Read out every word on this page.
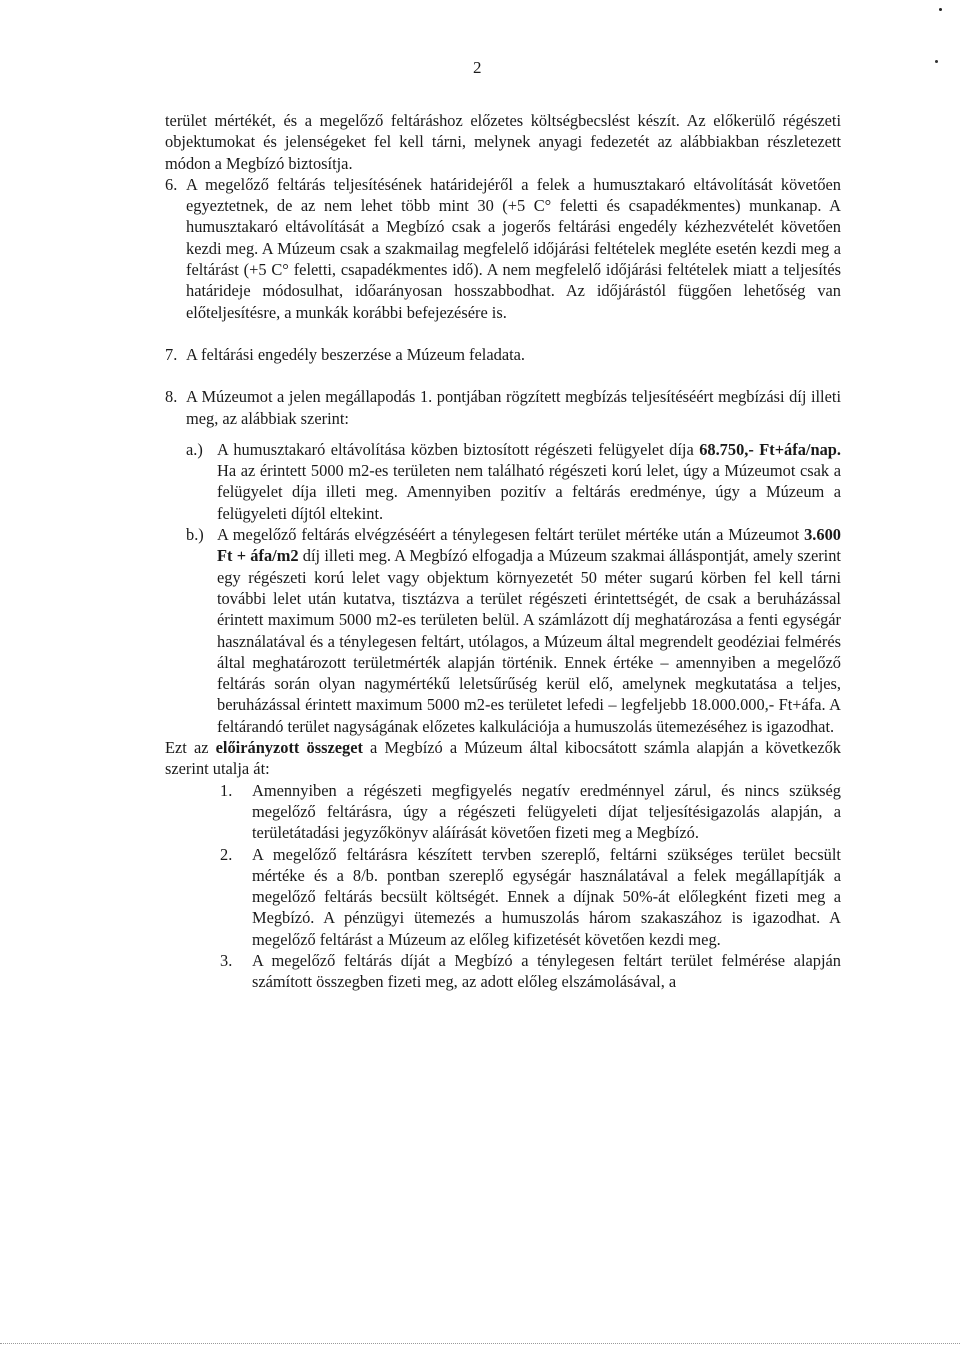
2

terület mértékét, és a megelőző feltáráshoz előzetes költségbecslést készít. Az előkerülő régészeti objektumokat és jelenségeket fel kell tárni, melynek anyagi fedezetét az alábbiakban részletezett módon a Megbízó biztosítja.

6. A megelőző feltárás teljesítésének határidejéről a felek a humusztakaró eltávolítását követően egyeztetnek, de az nem lehet több mint 30 (+5 C° feletti és csapadékmentes) munkanap. A humusztakaró eltávolítását a Megbízó csak a jogerős feltárási engedély kézhezvételét követően kezdi meg. A Múzeum csak a szakmailag megfelelő időjárási feltételek megléte esetén kezdi meg a feltárást (+5 C° feletti, csapadékmentes idő). A nem megfelelő időjárási feltételek miatt a teljesítés határideje módosulhat, időarányosan hosszabbodhat. Az időjárástól függően lehetőség van előteljesítésre, a munkák korábbi befejezésére is.

7. A feltárási engedély beszerzése a Múzeum feladata.

8. A Múzeumot a jelen megállapodás 1. pontjában rögzített megbízás teljesítéséért megbízási díj illeti meg, az alábbiak szerint:

a.) A humusztakaró eltávolítása közben biztosított régészeti felügyelet díja 68.750,- Ft+áfa/nap. Ha az érintett 5000 m2-es területen nem található régészeti korú lelet, úgy a Múzeumot csak a felügyelet díja illeti meg. Amennyiben pozitív a feltárás eredménye, úgy a Múzeum a felügyeleti díjtól eltekint.

b.) A megelőző feltárás elvégzéséért a ténylegesen feltárt terület mértéke után a Múzeumot 3.600 Ft + áfa/m2 díj illeti meg. A Megbízó elfogadja a Múzeum szakmai álláspontját, amely szerint egy régészeti korú lelet vagy objektum környezetét 50 méter sugarú körben fel kell tárni további lelet után kutatva, tisztázva a terület régészeti érintettségét, de csak a beruházással érintett maximum 5000 m2-es területen belül. A számlázott díj meghatározása a fenti egységár használatával és a ténylegesen feltárt, utólagos, a Múzeum által megrendelt geodéziai felmérés által meghatározott területmérték alapján történik. Ennek értéke – amennyiben a megelőző feltárás során olyan nagymértékű leletsűrűség kerül elő, amelynek megkutatása a teljes, beruházással érintett maximum 5000 m2-es területet lefedi – legfeljebb 18.000.000,- Ft+áfa. A feltárandó terület nagyságának előzetes kalkulációja a humuszolás ütemezéséhez is igazodhat.

Ezt az előirányzott összeget a Megbízó a Múzeum által kibocsátott számla alapján a következők szerint utalja át:

1.	Amennyiben a régészeti megfigyelés negatív eredménnyel zárul, és nincs szükség megelőző feltárásra, úgy a régészeti felügyeleti díjat teljesítésigazolás alapján, a területátadási jegyzőkönyv aláírását követően fizeti meg a Megbízó.

2.	A megelőző feltárásra készített tervben szereplő, feltárni szükséges terület becsült mértéke és a 8/b. pontban szereplő egységár használatával a felek megállapítják a megelőző feltárás becsült költségét. Ennek a díjnak 50%-át előlegként fizeti meg a Megbízó. A pénzügyi ütemezés a humuszolás három szakaszához is igazodhat. A megelőző feltárást a Múzeum az előleg kifizetését követően kezdi meg.

3.	A megelőző feltárás díját a Megbízó a ténylegesen feltárt terület felmérése alapján számított összegben fizeti meg, az adott előleg elszámolásával, a
